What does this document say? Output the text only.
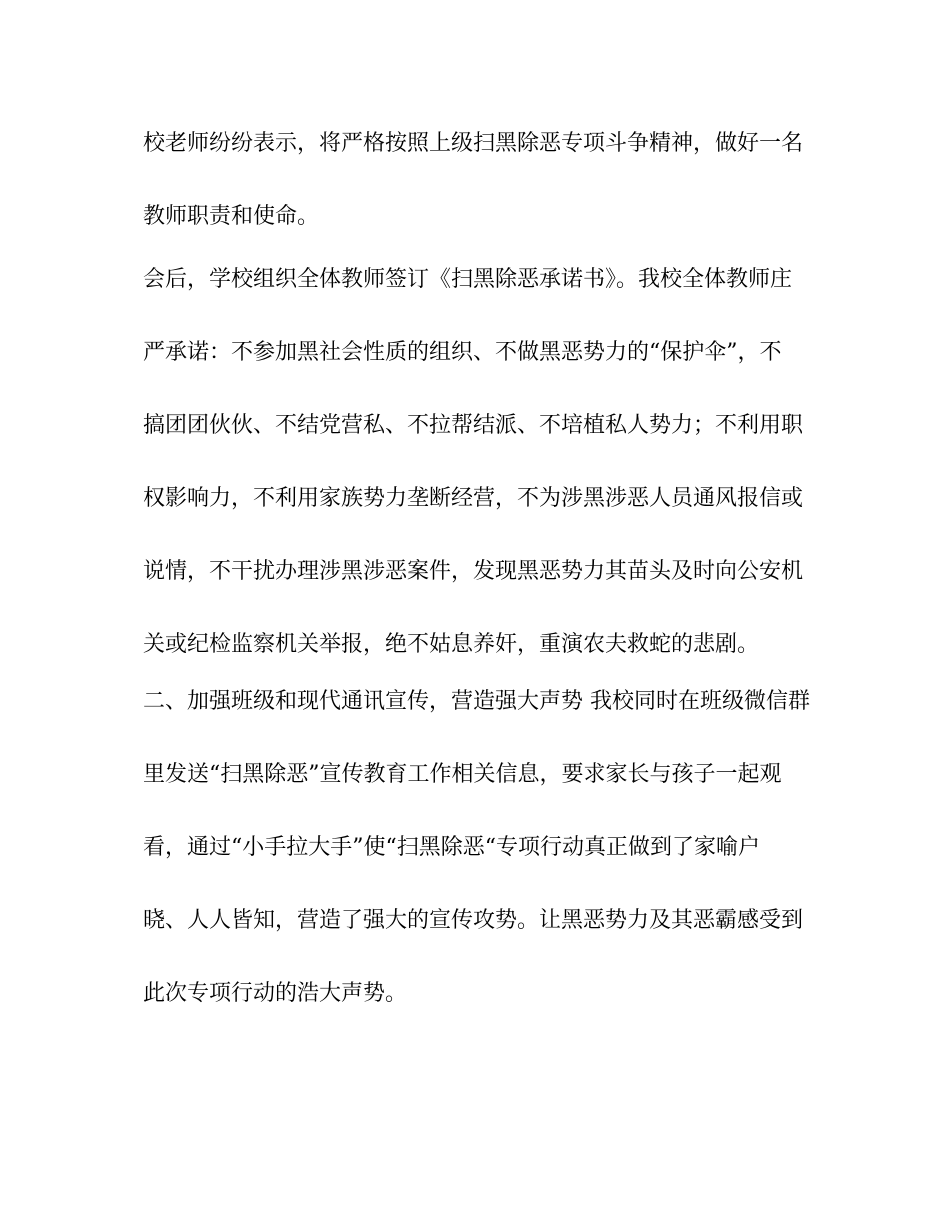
校老师纷纷表示，将严格按照上级扫黑除恶专项斗争精神，做好一名
教师职责和使命。
会后，学校组织全体教师签订《扫黑除恶承诺书》。我校全体教师庄
严承诺：不参加黑社会性质的组织、不做黑恶势力的“保护伞”，不
搞团团伙伙、不结党营私、不拉帮结派、不培植私人势力；不利用职
权影响力，不利用家族势力垄断经营，不为涉黑涉恶人员通风报信或
说情，不干扰办理涉黑涉恶案件，发现黑恶势力其苗头及时向公安机
关或纪检监察机关举报，绝不姑息养奸，重演农夫救蛇的悲剧。
二、加强班级和现代通讯宣传，营造强大声势 我校同时在班级微信群
里发送“扫黑除恶”宣传教育工作相关信息，要求家长与孩子一起观
看，通过“小手拉大手”使“扫黑除恶“专项行动真正做到了家喻户
晓、人人皆知，营造了强大的宣传攻势。让黑恶势力及其恶霸感受到
此次专项行动的浩大声势。
